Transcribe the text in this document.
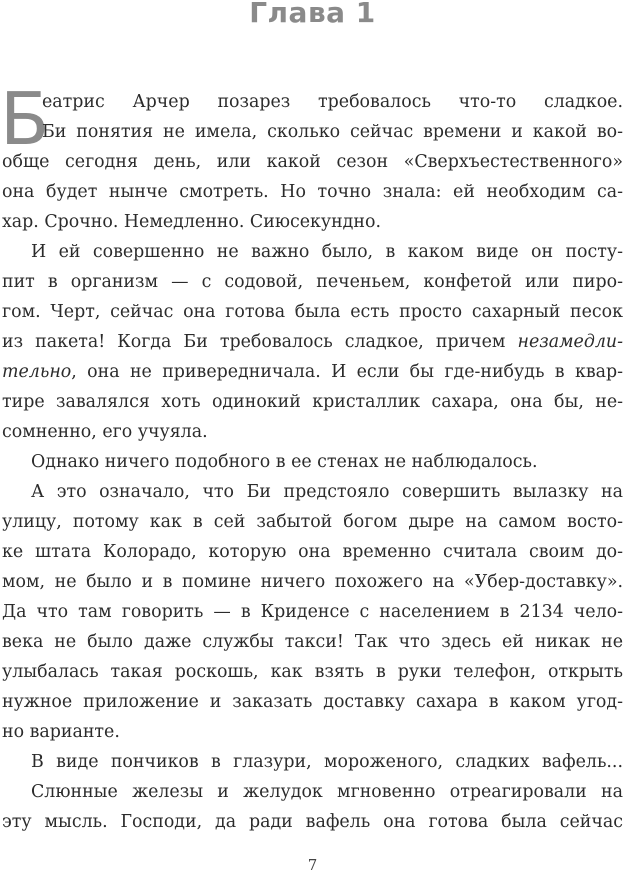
Глава 1
Б
еатрис Арчер позарез требовалось что-то сладкое.
Би понятия не имела, сколько сейчас времени и какой во-
обще сегодня день, или какой сезон «Сверхъестественного»
она будет нынче смотреть. Но точно знала: ей необходим са-
хар. Срочно. Немедленно. Сиюсекундно.
И ей совершенно не важно было, в каком виде он посту-
пит в организм — с содовой, печеньем, конфетой или пиро-
гом. Черт, сейчас она готова была есть просто сахарный песок
из пакета! Когда Би требовалось сладкое, причем незамедли-
тельно, она не привередничала. И если бы где-нибудь в квар-
тире завалялся хоть одинокий кристаллик сахара, она бы, не-
сомненно, его учуяла.
Однако ничего подобного в ее стенах не наблюдалось.
А это означало, что Би предстояло совершить вылазку на
улицу, потому как в сей забытой богом дыре на самом восто-
ке штата Колорадо, которую она временно считала своим до-
мом, не было и в помине ничего похожего на «Убер-доставку».
Да что там говорить — в Криденсе с населением в 2134 чело-
века не было даже службы такси! Так что здесь ей никак не
улыбалась такая роскошь, как взять в руки телефон, открыть
нужное приложение и заказать доставку сахара в каком угод-
но варианте.
В виде пончиков в глазури, мороженого, сладких вафель...
Слюнные железы и желудок мгновенно отреагировали на
эту мысль. Господи, да ради вафель она готова была сейчас
7
